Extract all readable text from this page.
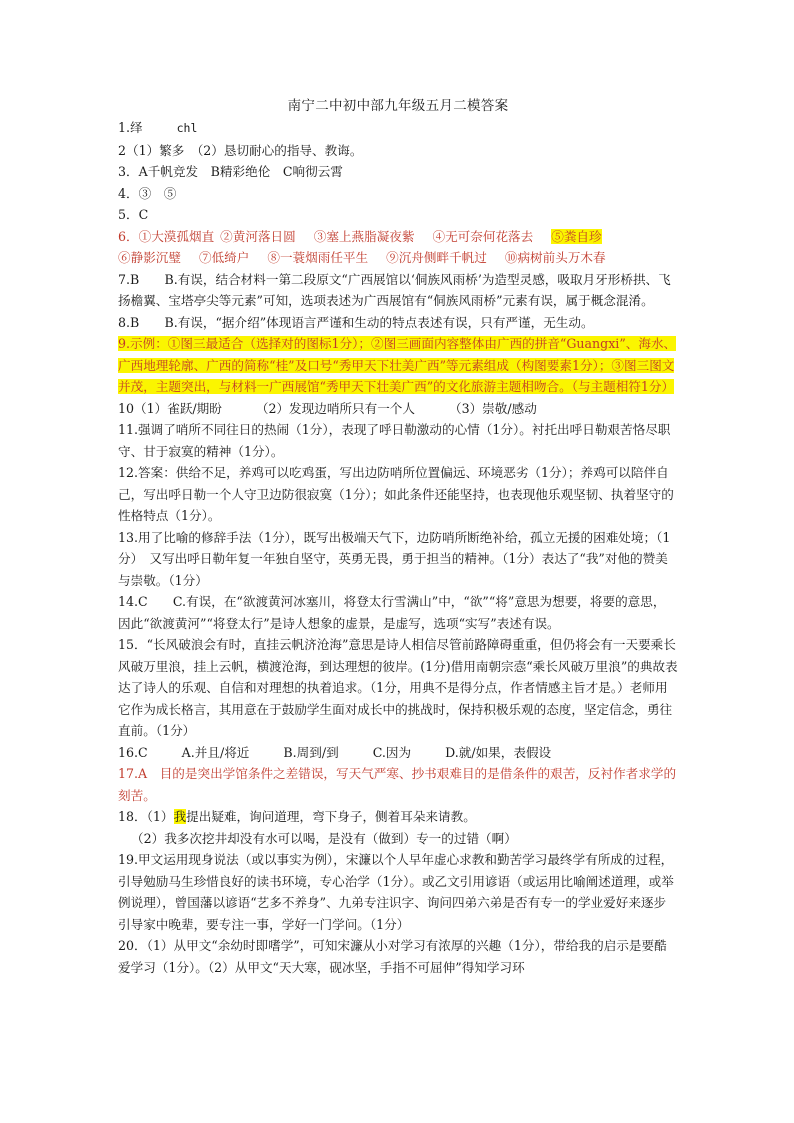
南宁二中初中部九年级五月二模答案

1.绎	chl

2（1）繁多　（2）恳切耐心的指导、教诲。

3．A千帆竞发　B精彩绝伦　C响彻云霄

4．③　⑤

5．C

6．①大漠孤烟直 ②黄河落日圆 ③塞上燕脂凝夜紫 ④无可奈何花落去 ⑤粪自珍

⑥静影沉璧 ⑦低绮户 ⑧一蓑烟雨任平生 ⑨沉舟侧畔千帆过 ⑩病树前头万木春

7.B　　B.有误，结合材料一第二段原文“广西展馆以‘侗族风雨桥’为造型灵感，吸取月牙形桥拱、飞扬檐翼、宝塔亭尖等元素”可知，选项表述为广西展馆有“侗族风雨桥”元素有误，属于概念混淆。

8.B　　B.有误，“据介绍”体现语言严谨和生动的特点表述有误，只有严谨，无生动。

9.示例：①图三最适合（选择对的图标1分）；②图三画面内容整体由广西的拼音“Guangxi”、海水、广西地理轮廓、广西的简称“桂”及口号“秀甲天下壮美广西”等元素组成（构图要素1分）；③图三图文并茂，主题突出，与材料一广西展馆“秀甲天下壮美广西”的文化旅游主题相吻合。（与主题相符1分）

10（1）雀跃/期盼	（2）发现边哨所只有一个人	（3）崇敬/感动

11.强调了哨所不同往日的热闹（1分），表现了呼日勒激动的心情（1分）。衬托出呼日勒艰苦恪尽职守、甘于寂寞的精神（1分）。

12.答案：供给不足，养鸡可以吃鸡蛋，写出边防哨所位置偏远、环境恶劣（1分）；养鸡可以陪伴自己，写出呼日勒一个人守卫边防很寂寞（1分）；如此条件还能坚持，也表现他乐观坚韧、执着坚守的性格特点（1分）。

13.用了比喻的修辞手法（1分），既写出极端天气下，边防哨所断绝补给，孤立无援的困难处境；（1分）　又写出呼日勒年复一年独自坚守，英勇无畏，勇于担当的精神。（1分）表达了“我”对他的赞美与崇敬。（1分）

14.C　　C.有误，在“欲渡黄河冰塞川，将登太行雪满山”中，“欲”“将”意思为想要，将要的意思，因此“欲渡黄河”“将登太行”是诗人想象的虚景，是虚写，选项“实写”表述有误。

15．“长风破浪会有时，直挂云帆济沧海”意思是诗人相信尽管前路障碍重重，但仍将会有一天要乘长风破万里浪，挂上云帆，横渡沧海，到达理想的彼岸。(1分)借用南朝宗悫“乘长风破万里浪”的典故表达了诗人的乐观、自信和对理想的执着追求。（1分，用典不是得分点，作者情感主旨才是。）老师用它作为成长格言，其用意在于鼓励学生面对成长中的挑战时，保持积极乐观的态度，坚定信念，勇往直前。（1分）

16.C	A.并且/将近	B.周到/到	C.因为	D.就/如果，表假设

17.A　目的是突出学馆条件之差错误，写天气严寒、抄书艰难目的是借条件的艰苦，反衬作者求学的刻苦。

18．（1）我提出疑难，询问道理，弯下身子，侧着耳朵来请教。

（2）我多次挖井却没有水可以喝，是没有（做到）专一的过错（啊）

19.甲文运用现身说法（或以事实为例），宋濂以个人早年虚心求教和勤苦学习最终学有所成的过程，引导勉励马生珍惜良好的读书环境，专心治学（1分）。或乙文引用谚语（或运用比喻阐述道理，或举例说理），曾国藩以谚语“艺多不养身”、九弟专注识字、询问四弟六弟是否有专一的学业爱好来逐步引导家中晚辈，要专注一事，学好一门学问。（1分）

20．（1）从甲文“余幼时即嗜学”，可知宋濂从小对学习有浓厚的兴趣（1分），带给我的启示是要酷爱学习（1分）。（2）从甲文“天大寒，砚冰坚，手指不可屈伸”得知学习环
